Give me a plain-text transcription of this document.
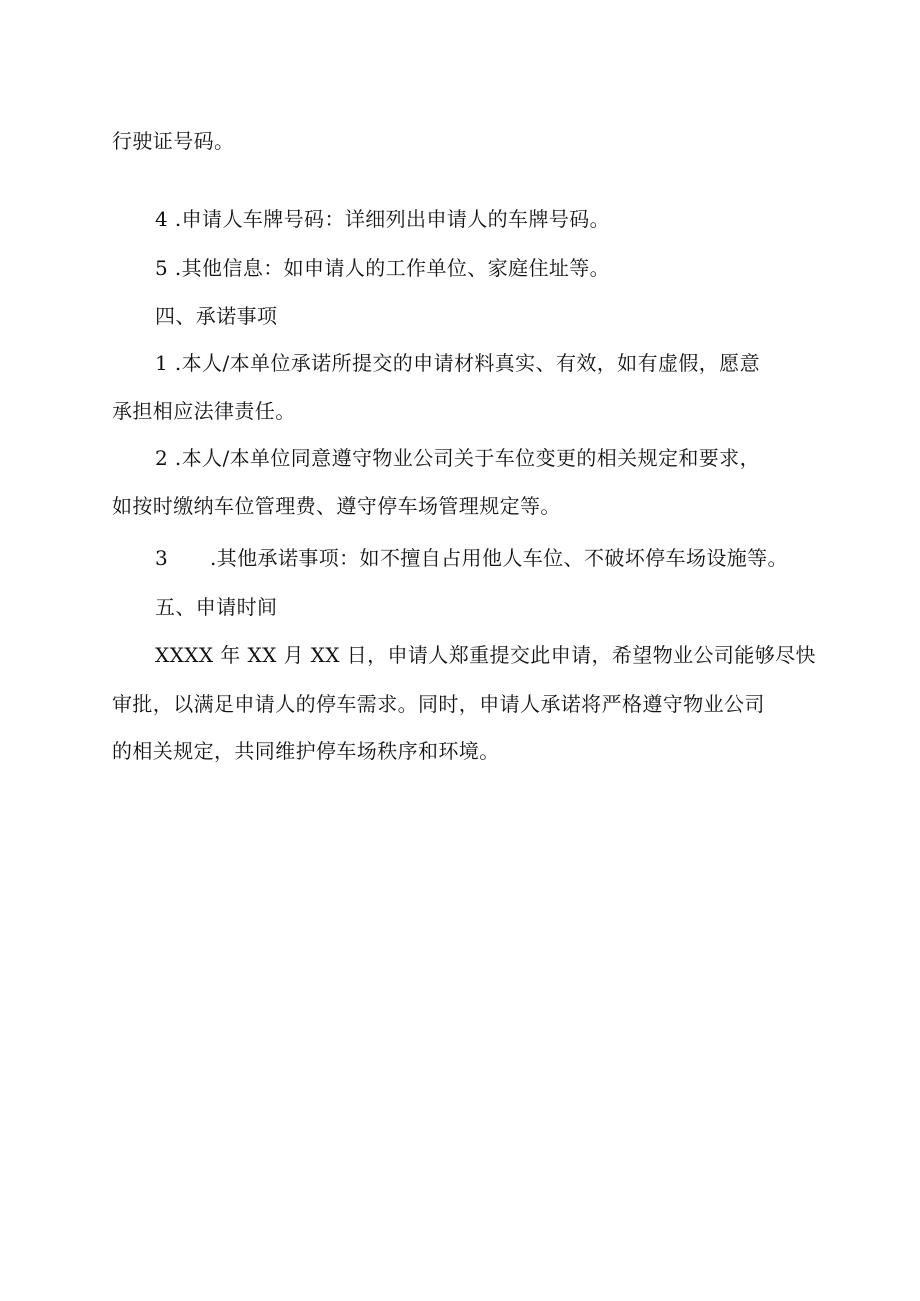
行驶证号码。
4 .申请人车牌号码：详细列出申请人的车牌号码。
5 .其他信息：如申请人的工作单位、家庭住址等。
四、承诺事项
1 .本人/本单位承诺所提交的申请材料真实、有效，如有虚假，愿意
承担相应法律责任。
2 .本人/本单位同意遵守物业公司关于车位变更的相关规定和要求，
如按时缴纳车位管理费、遵守停车场管理规定等。
3 .其他承诺事项：如不擅自占用他人车位、不破坏停车场设施等。
五、申请时间
XXXX 年 XX 月 XX 日，申请人郑重提交此申请，希望物业公司能够尽快
审批，以满足申请人的停车需求。同时，申请人承诺将严格遵守物业公司
的相关规定，共同维护停车场秩序和环境。
